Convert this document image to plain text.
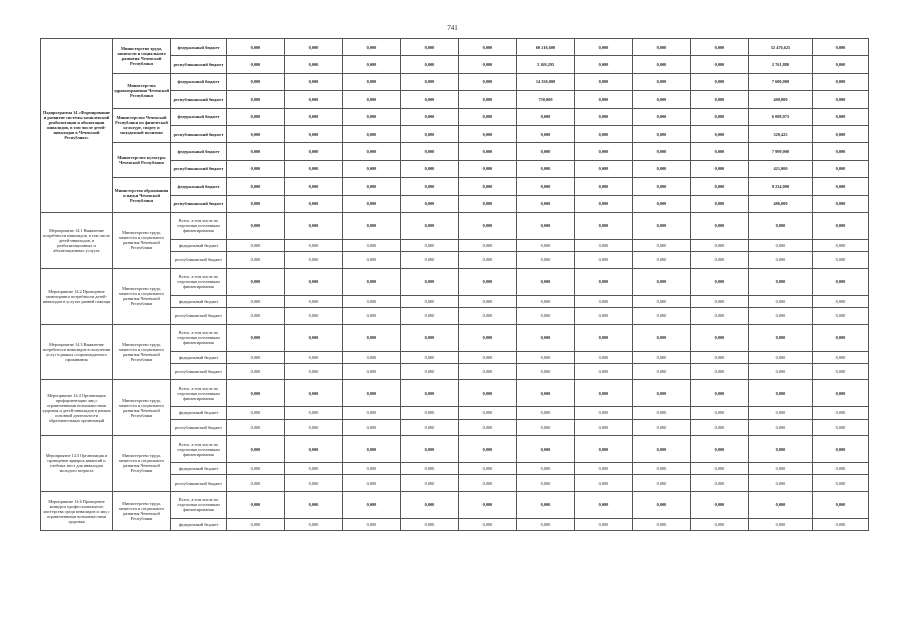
741
Подпрограмма 14 «Формирование и развитие системы комплексной реабилитации и абилитации инвалидов, в том числе детей-инвалидов в Чеченской Республике»	Министерство труда, занятости и социального развития Чеченской Республики	федеральный бюджет	0,000	0,000	0,000	0,000	0,000	60 216,600	0,000	0,000	0,000	52 476,625	0,000
		республиканский бюджет	0,000	0,000	0,000	0,000	0,000	3 169,295	0,000	0,000	0,000	2 761,880	0,000
	Министерство здравоохранения Чеченской Республики	федеральный бюджет	0,000	0,000	0,000	0,000	0,000	14 250,000	0,000	0,000	0,000	7 600,000	0,000
		республиканский бюджет	0,000	0,000	0,000	0,000	0,000	750,000	0,000	0,000	0,000	400,000	0,000
	Министерство Чеченской Республики по физической культуре, спорту и молодежной политике	федеральный бюджет	0,000	0,000	0,000	0,000	0,000	0,000	0,000	0,000	0,000	6 088,075	0,000
		республиканский бюджет	0,000	0,000	0,000	0,000	0,000	0,000	0,000	0,000	0,000	320,425	0,000
	Министерство культуры Чеченской Республики	федеральный бюджет	0,000	0,000	0,000	0,000	0,000	0,000	0,000	0,000	0,000	7 999,000	0,000
		республиканский бюджет	0,000	0,000	0,000	0,000	0,000	0,000	0,000	0,000	0,000	421,000	0,000
	Министерство образования и науки Чеченской Республики	федеральный бюджет	0,000	0,000	0,000	0,000	0,000	0,000	0,000	0,000	0,000	9 234,000	0,000
		республиканский бюджет	0,000	0,000	0,000	0,000	0,000	0,000	0,000	0,000	0,000	486,000	0,000
Мероприятие 14.1 Выявление потребности инвалидов, в том числе детей-инвалидов, в реабилитационных и абилитационных услугах	Министерство труда, занятости и социального развития Чеченской Республики	Всего, в том числе по отдельным источникам финансирования	0,000	0,000	0,000	0,000	0,000	0,000	0,000	0,000	0,000	0,000	0,000
		федеральный бюджет	0,000	0,000	0,000	0,000	0,000	0,000	0,000	0,000	0,000	0,000	0,000
		республиканский бюджет	0,000	0,000	0,000	0,000	0,000	0,000	0,000	0,000	0,000	0,000	0,000
Мероприятие 14.2 Проведение мониторинга потребности детей-инвалидов в услугах ранней помощи	Министерство труда, занятости и социального развития Чеченской Республики	Всего, в том числе по отдельным источникам финансирования	0,000	0,000	0,000	0,000	0,000	0,000	0,000	0,000	0,000	0,000	0,000
		федеральный бюджет	0,000	0,000	0,000	0,000	0,000	0,000	0,000	0,000	0,000	0,000	0,000
		республиканский бюджет	0,000	0,000	0,000	0,000	0,000	0,000	0,000	0,000	0,000	0,000	0,000
Мероприятие 14.3 Выявление потребности инвалидов в получении услуг в рамках сопровождаемого проживания	Министерство труда, занятости и социального развития Чеченской Республики	Всего, в том числе по отдельным источникам финансирования	0,000	0,000	0,000	0,000	0,000	0,000	0,000	0,000	0,000	0,000	0,000
		федеральный бюджет	0,000	0,000	0,000	0,000	0,000	0,000	0,000	0,000	0,000	0,000	0,000
		республиканский бюджет	0,000	0,000	0,000	0,000	0,000	0,000	0,000	0,000	0,000	0,000	0,000
Мероприятие 14.4 Организация профориентации лиц с ограниченными возможностями здоровья и детей-инвалидов в рамках основной деятельности образовательных организаций	Министерство труда, занятости и социального развития Чеченской Республики	Всего, в том числе по отдельным источникам финансирования	0,000	0,000	0,000	0,000	0,000	0,000	0,000	0,000	0,000	0,000	0,000
		федеральный бюджет	0,000	0,000	0,000	0,000	0,000	0,000	0,000	0,000	0,000	0,000	0,000
		республиканский бюджет	0,000	0,000	0,000	0,000	0,000	0,000	0,000	0,000	0,000	0,000	0,000
Мероприятие 14.5 Организация и проведение ярмарок вакансий и учебных мест для инвалидов молодого возраста	Министерство труда, занятости и социального развития Чеченской Республики	Всего, в том числе по отдельным источникам финансирования	0,000	0,000	0,000	0,000	0,000	0,000	0,000	0,000	0,000	0,000	0,000
		федеральный бюджет	0,000	0,000	0,000	0,000	0,000	0,000	0,000	0,000	0,000	0,000	0,000
		республиканский бюджет	0,000	0,000	0,000	0,000	0,000	0,000	0,000	0,000	0,000	0,000	0,000
Мероприятие 14.6 Проведение конкурса профессионального мастерства среди инвалидов и лиц с ограниченными возможностями здоровья	Министерство труда, занятости и социального развития Чеченской Республики	Всего, в том числе по отдельным источникам финансирования	0,000	0,000	0,000	0,000	0,000	0,000	0,000	0,000	0,000	0,000	0,000
		федеральный бюджет	0,000	0,000	0,000	0,000	0,000	0,000	0,000	0,000	0,000	0,000	0,000
